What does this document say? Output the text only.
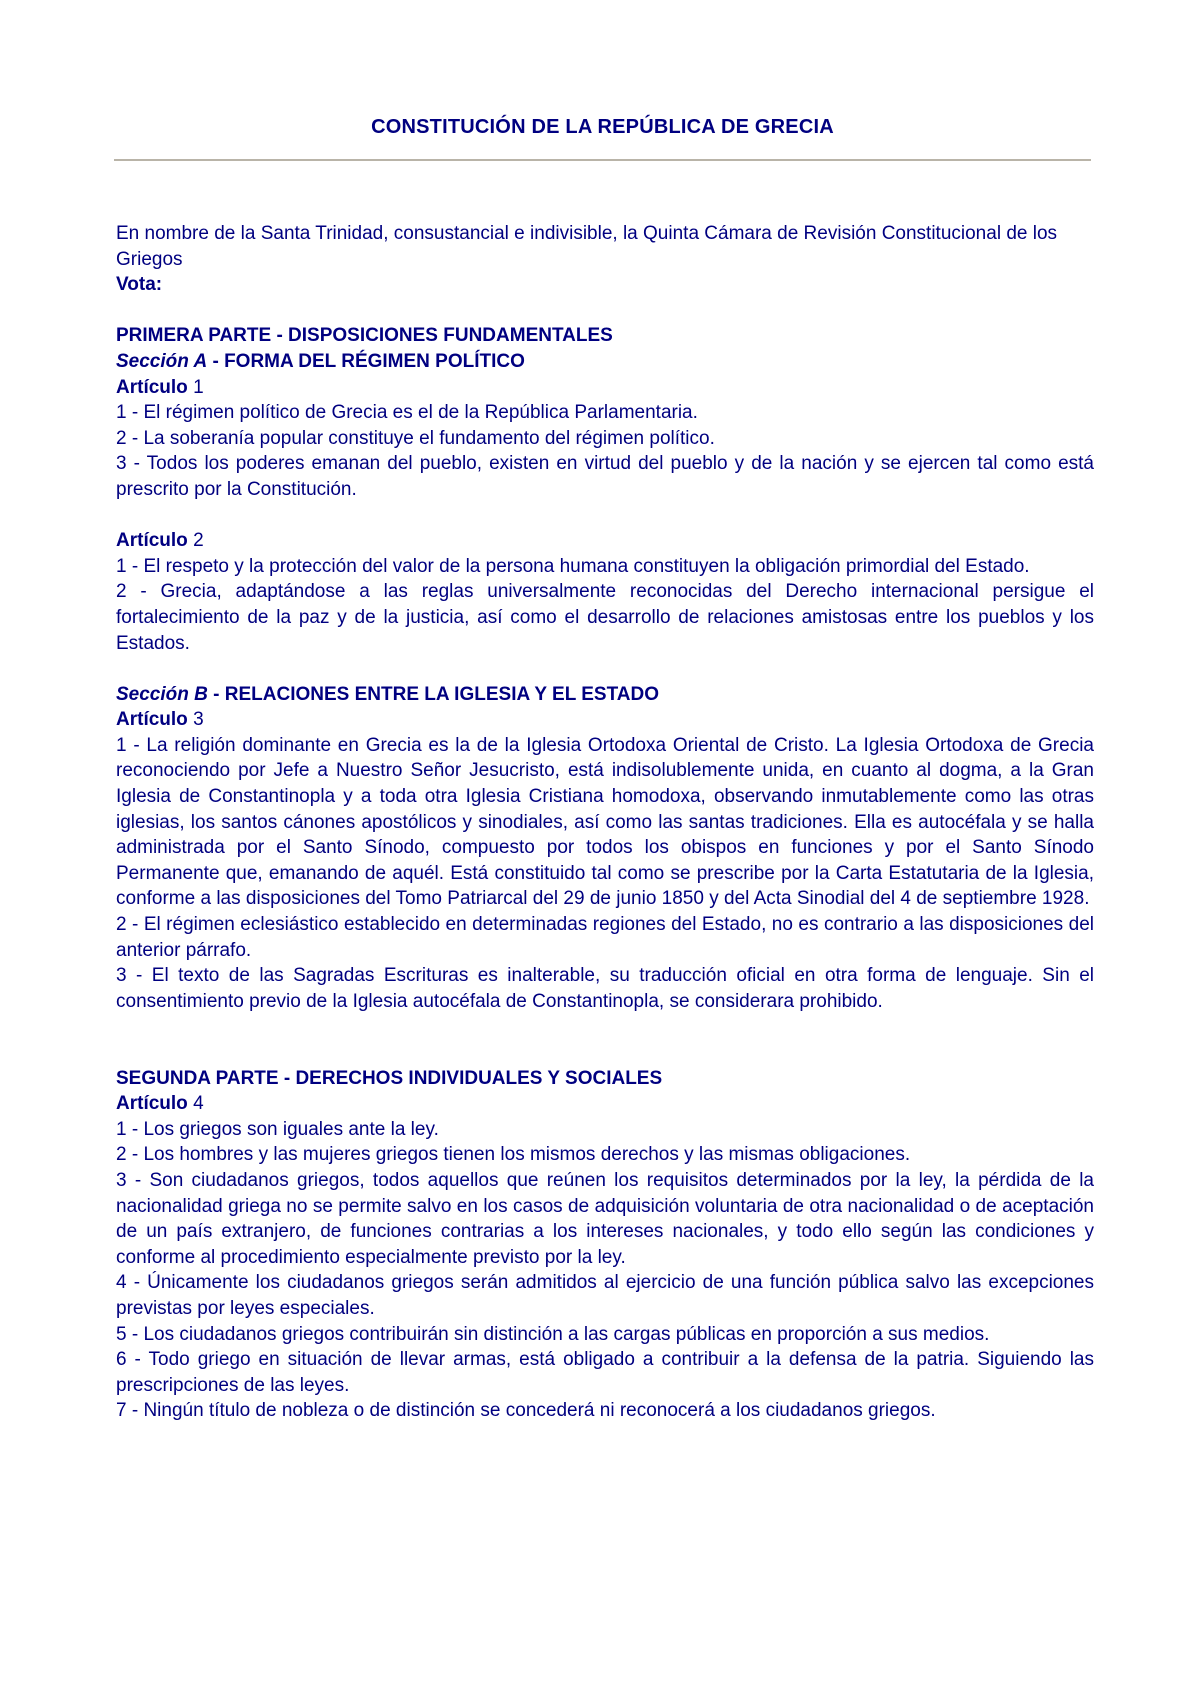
CONSTITUCIÓN DE LA REPÚBLICA DE GRECIA

En nombre de la Santa Trinidad, consustancial e indivisible, la Quinta Cámara de Revisión Constitucional de los Griegos

Vota:

PRIMERA PARTE - DISPOSICIONES FUNDAMENTALES

Sección A - FORMA DEL RÉGIMEN POLÍTICO

Artículo 1

1 - El régimen político de Grecia es el de la República Parlamentaria.

2 - La soberanía popular constituye el fundamento del régimen político.

3 - Todos los poderes emanan del pueblo, existen en virtud del pueblo y de la nación y se ejercen tal como está prescrito por la Constitución.

Artículo 2

1 - El respeto y la protección del valor de la persona humana constituyen la obligación primordial del Estado.

2 - Grecia, adaptándose a las reglas universalmente reconocidas del Derecho internacional persigue el fortalecimiento de la paz y de la justicia, así como el desarrollo de relaciones amistosas entre los pueblos y los Estados.

Sección B - RELACIONES ENTRE LA IGLESIA Y EL ESTADO

Artículo 3

1 - La religión dominante en Grecia es la de la Iglesia Ortodoxa Oriental de Cristo. La Iglesia Ortodoxa de Grecia reconociendo por Jefe a Nuestro Señor Jesucristo, está indisolublemente unida, en cuanto al dogma, a la Gran Iglesia de Constantinopla y a toda otra Iglesia Cristiana homodoxa, observando inmutablemente como las otras iglesias, los santos cánones apostólicos y sinodiales, así como las santas tradiciones. Ella es autocéfala y se halla administrada por el Santo Sínodo, compuesto por todos los obispos en funciones y por el Santo Sínodo Permanente que, emanando de aquél. Está constituido tal como se prescribe por la Carta Estatutaria de la Iglesia, conforme a las disposiciones del Tomo Patriarcal del 29 de junio 1850 y del Acta Sinodial del 4 de septiembre 1928.

2 - El régimen eclesiástico establecido en determinadas regiones del Estado, no es contrario a las disposiciones del anterior párrafo.

3 - El texto de las Sagradas Escrituras es inalterable, su traducción oficial en otra forma de lenguaje. Sin el consentimiento previo de la Iglesia autocéfala de Constantinopla, se considerara prohibido.

SEGUNDA PARTE - DERECHOS INDIVIDUALES Y SOCIALES

Artículo 4

1 - Los griegos son iguales ante la ley.

2 - Los hombres y las mujeres griegos tienen los mismos derechos y las mismas obligaciones.

3 - Son ciudadanos griegos, todos aquellos que reúnen los requisitos determinados por la ley, la pérdida de la nacionalidad griega no se permite salvo en los casos de adquisición voluntaria de otra nacionalidad o de aceptación de un país extranjero, de funciones contrarias a los intereses nacionales, y todo ello según las condiciones y conforme al procedimiento especialmente previsto por la ley.

4 - Únicamente los ciudadanos griegos serán admitidos al ejercicio de una función pública salvo las excepciones previstas por leyes especiales.

5 - Los ciudadanos griegos contribuirán sin distinción a las cargas públicas en proporción a sus medios.

6 - Todo griego en situación de llevar armas, está obligado a contribuir a la defensa de la patria. Siguiendo las prescripciones de las leyes.

7 - Ningún título de nobleza o de distinción se concederá ni reconocerá a los ciudadanos griegos.
